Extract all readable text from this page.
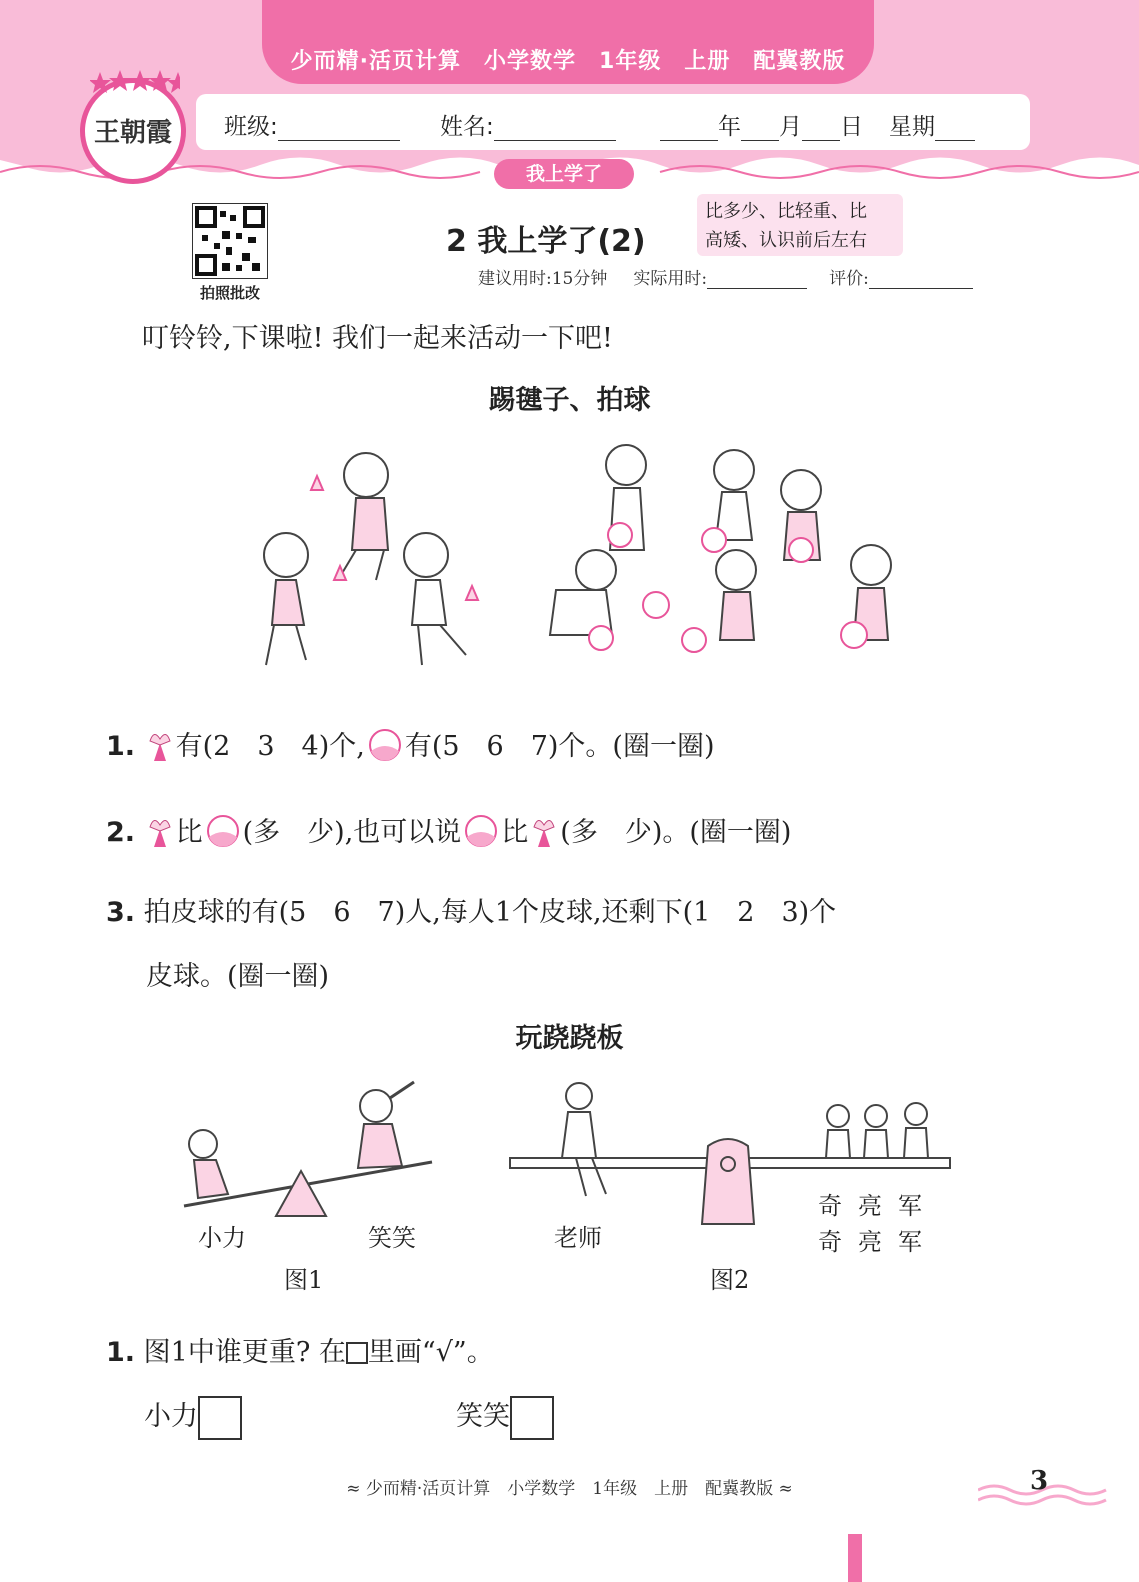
少而精·活页计算　小学数学　1年级　上册　配冀教版
班级:	姓名:	年 月 日 星期
我上学了
王朝霞
拍照批改
2 我上学了(2)
比多少、比轻重、比
高矮、认识前后左右
建议用时:15分钟 实际用时:	评价:
叮铃铃,下课啦! 我们一起来活动一下吧!
踢毽子、拍球
1. 有(2　3　4)个, 有(5　6　7)个。(圈一圈)
2. 比 (多　少),也可以说 比 (多　少)。(圈一圈)
3. 拍皮球的有(5　6　7)人,每人1个皮球,还剩下(1　2　3)个
皮球。(圈一圈)
玩跷跷板
小力	笑笑
图1
老师
奇 亮 军
奇 亮 军
图2
1. 图1中谁更重? 在 里画“√”。
小力	笑笑
≈ 少而精·活页计算　小学数学　1年级　上册　配冀教版 ≈	3
